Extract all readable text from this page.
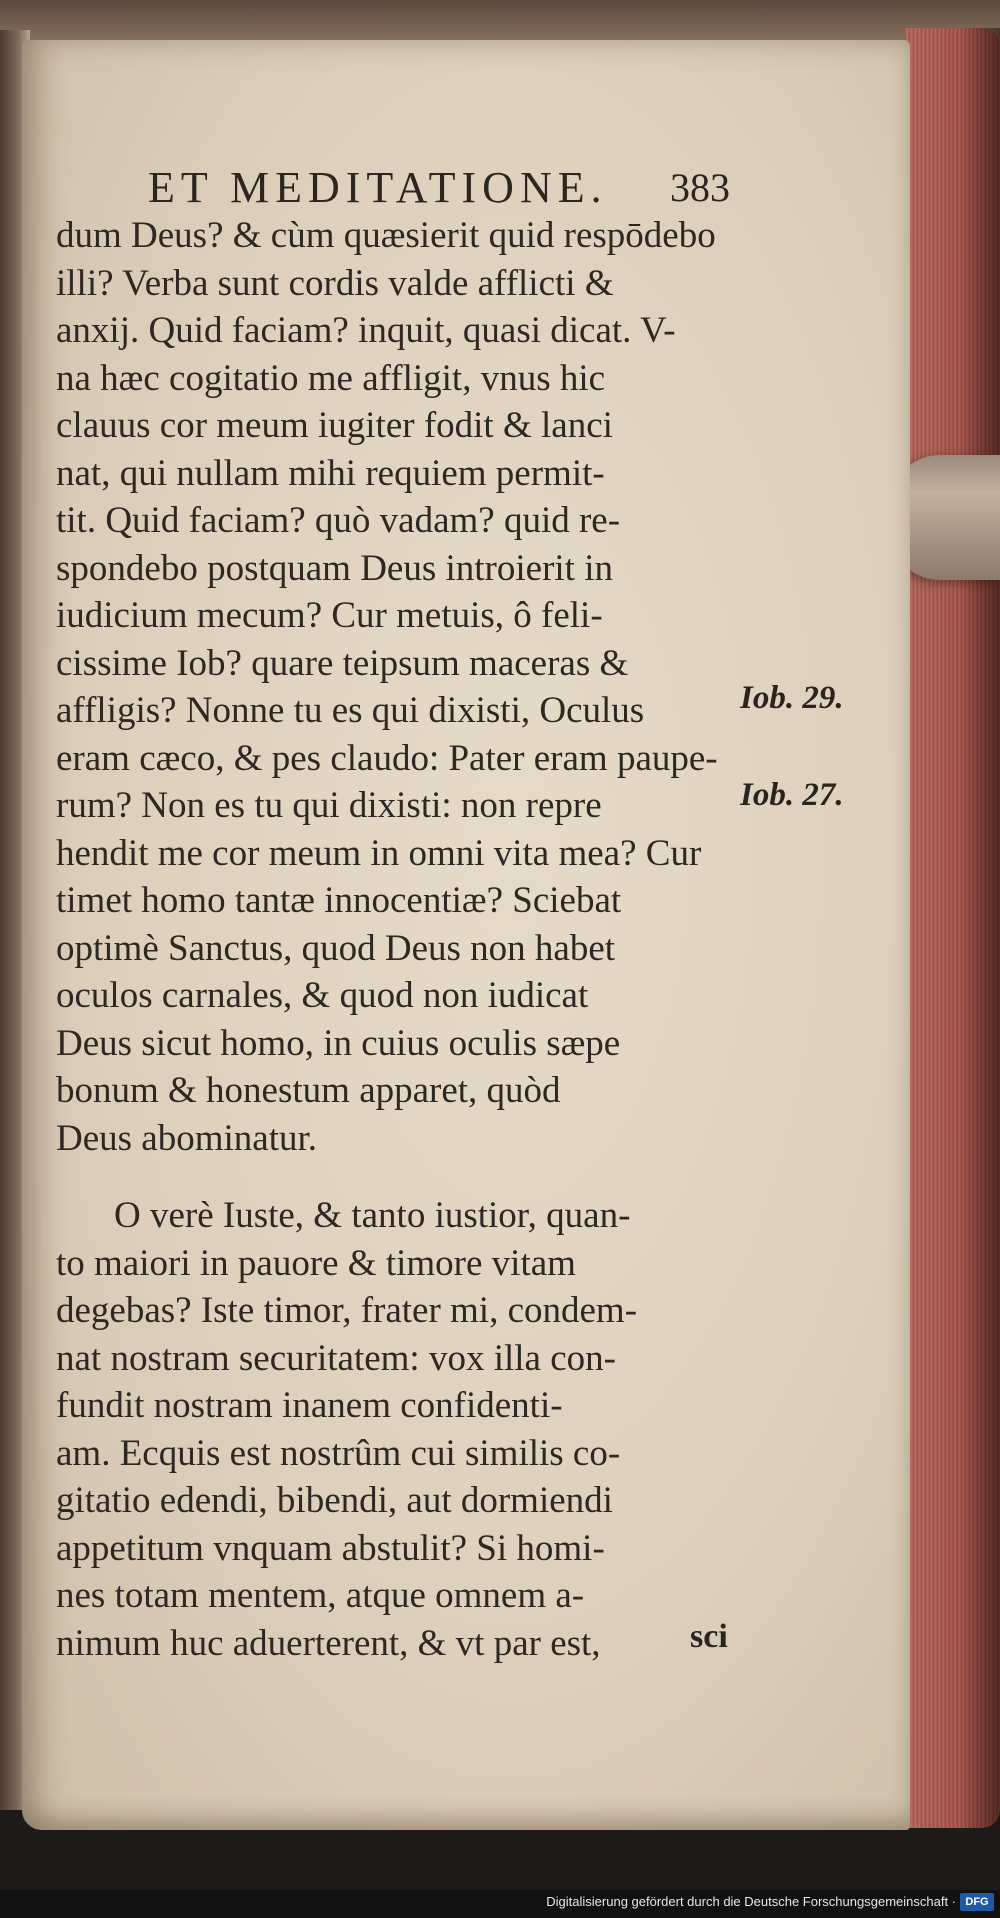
ET MEDITATIONE.	383
dum Deus? & cùm quæsierit quid respōdebo
illi? Verba sunt cordis valde afflicti &
anxij. Quid faciam? inquit, quasi dicat. V-
na hæc cogitatio me affligit, vnus hic
clauus cor meum iugiter fodit & lanci
nat, qui nullam mihi requiem permit-
tit. Quid faciam? quò vadam? quid re-
spondebo postquam Deus introierit in
iudicium mecum? Cur metuis, ô feli-
cissime Iob? quare teipsum maceras &
affligis? Nonne tu es qui dixisti, Oculus
eram cæco, & pes claudo: Pater eram paupe-
rum? Non es tu qui dixisti: non repre
hendit me cor meum in omni vita mea? Cur
timet homo tantæ innocentiæ? Sciebat
optimè Sanctus, quod Deus non habet
oculos carnales, & quod non iudicat
Deus sicut homo, in cuius oculis sæpe
bonum & honestum apparet, quòd
Deus abominatur.
O verè Iuste, & tanto iustior, quan-
to maiori in pauore & timore vitam
degebas? Iste timor, frater mi, condem-
nat nostram securitatem: vox illa con-
fundit nostram inanem confidenti-
am. Ecquis est nostrûm cui similis co-
gitatio edendi, bibendi, aut dormiendi
appetitum vnquam abstulit? Si homi-
nes totam mentem, atque omnem a-
nimum huc aduerterent, & vt par est,
Iob. 29.
Iob. 27.
sci
Digitalisierung gefördert durch die Deutsche Forschungsgemeinschaft · DFG
